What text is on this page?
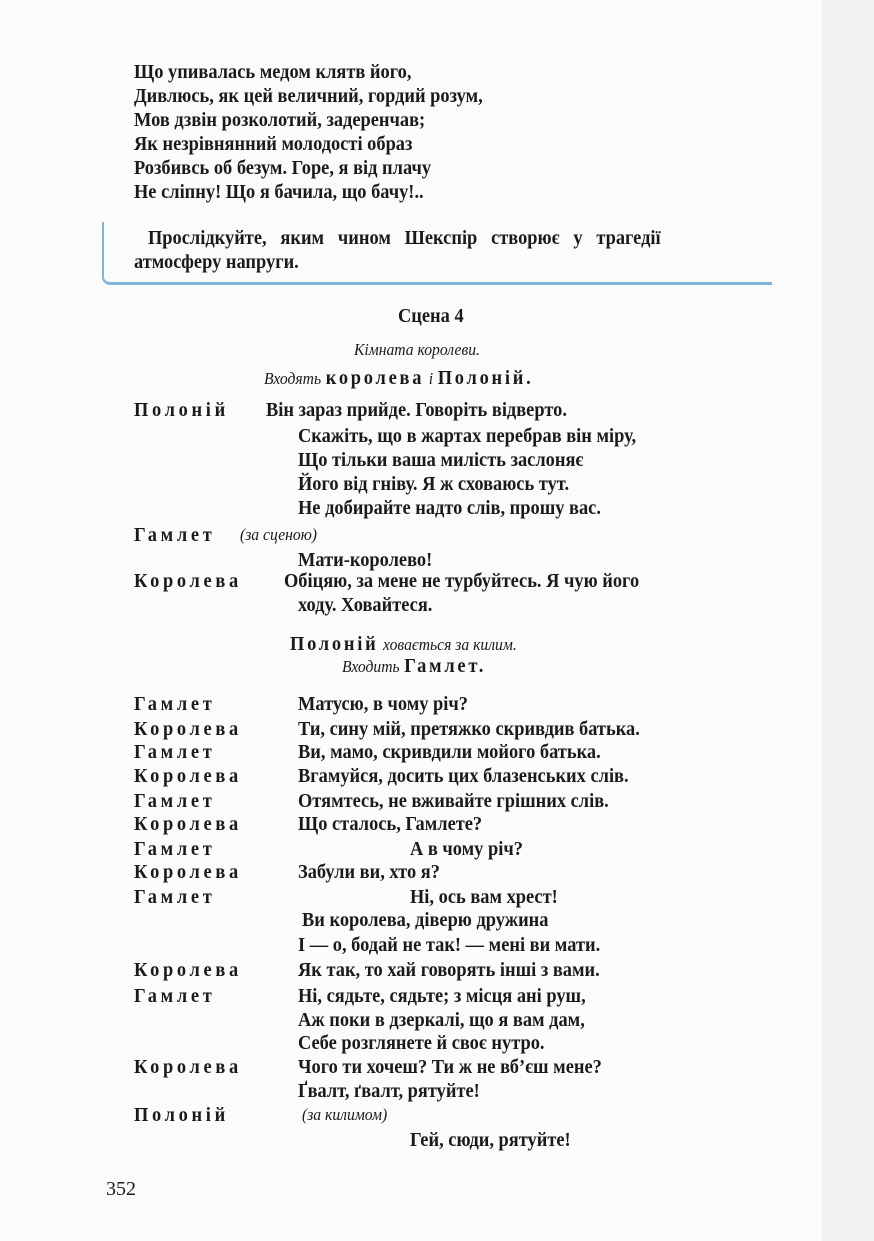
Що упивалась медом клятв його,
Дивлюсь, як цей величний, гордий розум,
Мов дзвін розколотий, задеренчав;
Як незрівнянний молодості образ
Розбивсь об безум. Горе, я від плачу
Не сліпну! Що я бачила, що бачу!..
Прослідкуйте, яким чином Шекспір створює у трагедії
атмосферу напруги.
Сцена 4
Кімната королеви.
Входять королева і Полоній.
Полоній Він зараз прийде. Говоріть відверто.
Скажіть, що в жартах перебрав він міру,
Що тільки ваша милість заслоняє
Його від гніву. Я ж сховаюсь тут.
Не добирайте надто слів, прошу вас.
Гамлет (за сценою)
Мати-королево!
Королева Обіцяю, за мене не турбуйтесь. Я чую його
ходу. Ховайтеся.
Полоній ховається за килим.
Входить Гамлет.
Гамлет	Матусю, в чому річ?
Королева	Ти, сину мій, претяжко скривдив батька.
Гамлет	Ви, мамо, скривдили мойого батька.
Королева	Вгамуйся, досить цих блазенських слів.
Гамлет	Отямтесь, не вживайте грішних слів.
Королева	Що сталось, Гамлете?
Гамлет	А в чому річ?
Королева	Забули ви, хто я?
Гамлет	Ні, ось вам хрест!
Ви королева, діверю дружина
І — о, бодай не так! — мені ви мати.
Королева	Як так, то хай говорять інші з вами.
Гамлет	Ні, сядьте, сядьте; з місця ані руш,
Аж поки в дзеркалі, що я вам дам,
Себе розглянете й своє нутро.
Королева	Чого ти хочеш? Ти ж не вб’єш мене?
Ґвалт, ґвалт, рятуйте!
Полоній	(за килимом)
Гей, сюди, рятуйте!
352
